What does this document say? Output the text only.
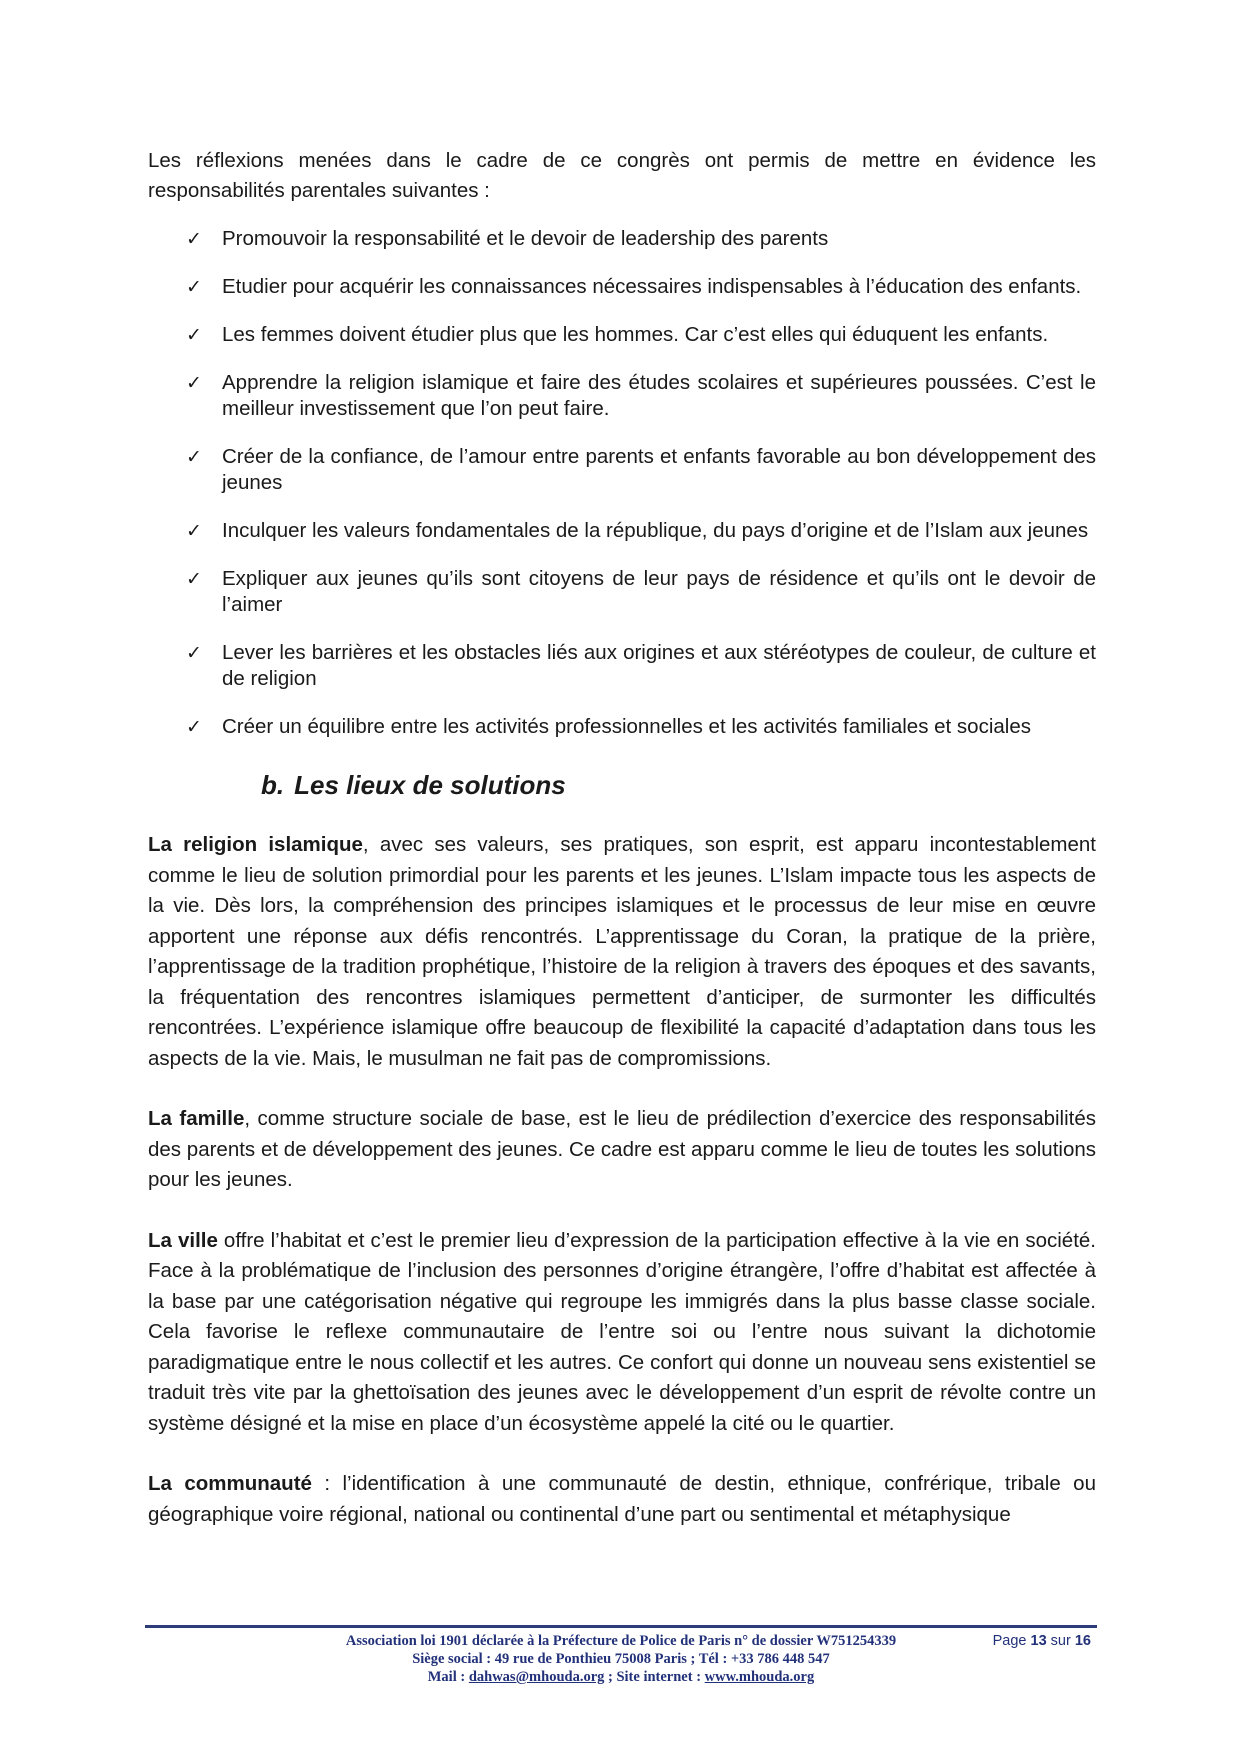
Les réflexions menées dans le cadre de ce congrès ont permis de mettre en évidence les responsabilités parentales suivantes :

✓ Promouvoir la responsabilité et le devoir de leadership des parents
✓ Etudier pour acquérir les connaissances nécessaires indispensables à l’éducation des enfants.
✓ Les femmes doivent étudier plus que les hommes. Car c’est elles qui éduquent les enfants.
✓ Apprendre la religion islamique et faire des études scolaires et supérieures poussées. C’est le meilleur investissement que l’on peut faire.
✓ Créer de la confiance, de l’amour entre parents et enfants favorable au bon développement des jeunes
✓ Inculquer les valeurs fondamentales de la république, du pays d’origine et de l’Islam aux jeunes
✓ Expliquer aux jeunes qu’ils sont citoyens de leur pays de résidence et qu’ils ont le devoir de l’aimer
✓ Lever les barrières et les obstacles liés aux origines et aux stéréotypes de couleur, de culture et de religion
✓ Créer un équilibre entre les activités professionnelles et les activités familiales et sociales
b. Les lieux de solutions

La religion islamique, avec ses valeurs, ses pratiques, son esprit, est apparu incontestablement comme le lieu de solution primordial pour les parents et les jeunes. L’Islam impacte tous les aspects de la vie. Dès lors, la compréhension des principes islamiques et le processus de leur mise en œuvre apportent une réponse aux défis rencontrés. L’apprentissage du Coran, la pratique de la prière, l’apprentissage de la tradition prophétique, l’histoire de la religion à travers des époques et des savants, la fréquentation des rencontres islamiques permettent d’anticiper, de surmonter les difficultés rencontrées. L’expérience islamique offre beaucoup de flexibilité la capacité d’adaptation dans tous les aspects de la vie. Mais, le musulman ne fait pas de compromissions.

La famille, comme structure sociale de base, est le lieu de prédilection d’exercice des responsabilités des parents et de développement des jeunes. Ce cadre est apparu comme le lieu de toutes les solutions pour les jeunes.

La ville offre l’habitat et c’est le premier lieu d’expression de la participation effective à la vie en société. Face à la problématique de l’inclusion des personnes d’origine étrangère, l’offre d’habitat est affectée à la base par une catégorisation négative qui regroupe les immigrés dans la plus basse classe sociale. Cela favorise le reflexe communautaire de l’entre soi ou l’entre nous suivant la dichotomie paradigmatique entre le nous collectif et les autres. Ce confort qui donne un nouveau sens existentiel se traduit très vite par la ghettoïsation des jeunes avec le développement d’un esprit de révolte contre un système désigné et la mise en place d’un écosystème appelé la cité ou le quartier.

La communauté : l’identification à une communauté de destin, ethnique, confrérique, tribale ou géographique voire régional, national ou continental d’une part ou sentimental et métaphysique

Association loi 1901 déclarée à la Préfecture de Police de Paris n° de dossier W751254339	Page 13 sur 16
Siège social : 49 rue de Ponthieu 75008 Paris ; Tél : +33 786 448 547
Mail : dahwas@mhouda.org ; Site internet : www.mhouda.org
